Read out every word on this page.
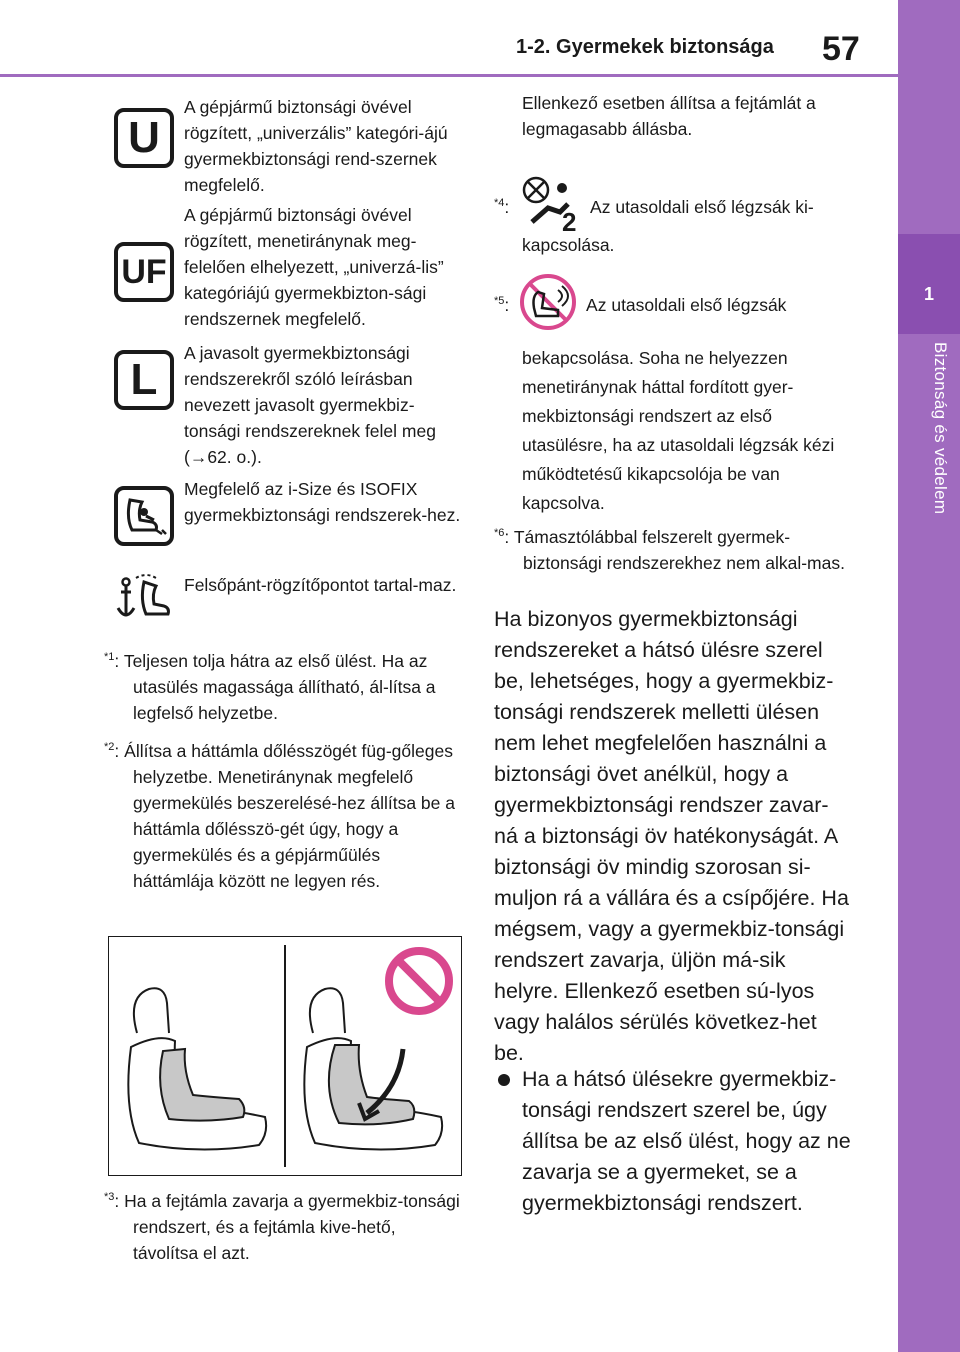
1-2. Gyermekek biztonsága 57
1
Biztonság és védelem
U
A gépjármű biztonsági övével rögzített, „univerzális” kategóri-ájú gyermekbiztonsági rend-szernek megfelelő.
UF
A gépjármű biztonsági övével rögzített, menetiránynak meg-felelően elhelyezett, „univerzá-lis” kategóriájú gyermekbizton-sági rendszernek megfelelő.
L
A javasolt gyermekbiztonsági rendszerekről szóló leírásban nevezett javasolt gyermekbiz-tonsági rendszereknek felel meg (→62. o.).
Megfelelő az i-Size és ISOFIX gyermekbiztonsági rendszerek-hez.
Felsőpánt-rögzítőpontot tartal-maz.
$^{*1}$: Teljesen tolja hátra az első ülést. Ha az utasülés magassága állítható, ál-lítsa a legfelső helyzetbe.
$^{*2}$: Állítsa a háttámla dőlésszögét füg-gőleges helyzetbe. Menetiránynak megfelelő gyermekülés beszerelésé-hez állítsa be a háttámla dőlésszö-gét úgy, hogy a gyermekülés és a gépjárműülés háttámlája között ne legyen rés.
$^{*3}$: Ha a fejtámla zavarja a gyermekbiz-tonsági rendszert, és a fejtámla kive-hető, távolítsa el azt.
Ellenkező esetben állítsa a fejtámlát a legmagasabb állásba.
$^{*4}$: 2 Az utasoldali első légzsák ki-
kapcsolása.
$^{*5}$:	Az utasoldali első légzsák
bekapcsolása. Soha ne helyezzen menetiránynak háttal fordított gyer-mekbiztonsági rendszert az első utasülésre, ha az utasoldali légzsák kézi működtetésű kikapcsolója be van kapcsolva.
$^{*6}$: Támasztólábbal felszerelt gyermek-biztonsági rendszerekhez nem alkal-mas.
Ha bizonyos gyermekbiztonsági rendszereket a hátsó ülésre szerel be, lehetséges, hogy a gyermekbiz-tonsági rendszerek melletti ülésen nem lehet megfelelően használni a biztonsági övet anélkül, hogy a gyermekbiztonsági rendszer zavar-ná a biztonsági öv hatékonyságát. A biztonsági öv mindig szorosan si-muljon rá a vállára és a csípőjére. Ha mégsem, vagy a gyermekbiz-tonsági rendszert zavarja, üljön má-sik helyre. Ellenkező esetben sú-lyos vagy halálos sérülés következ-het be.
Ha a hátsó ülésekre gyermekbiz-tonsági rendszert szerel be, úgy állítsa be az első ülést, hogy az ne zavarja se a gyermeket, se a gyermekbiztonsági rendszert.
